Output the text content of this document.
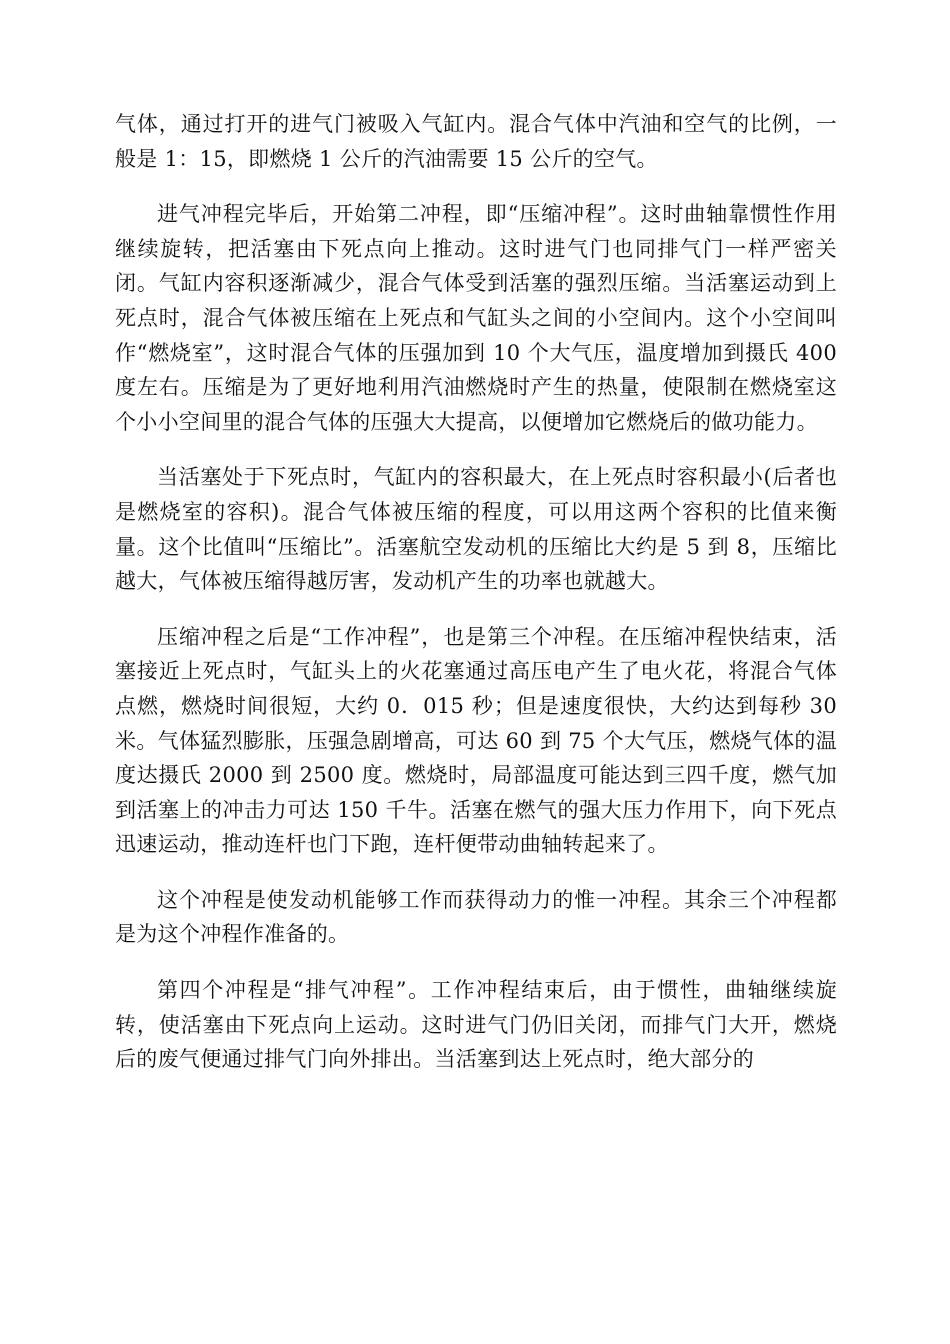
气体，通过打开的进气门被吸入气缸内。混合气体中汽油和空气的比例，一般是 1：15，即燃烧 1 公斤的汽油需要 15 公斤的空气。

进气冲程完毕后，开始第二冲程，即“压缩冲程”。这时曲轴靠惯性作用继续旋转，把活塞由下死点向上推动。这时进气门也同排气门一样严密关闭。气缸内容积逐渐减少，混合气体受到活塞的强烈压缩。当活塞运动到上死点时，混合气体被压缩在上死点和气缸头之间的小空间内。这个小空间叫作“燃烧室”，这时混合气体的压强加到 10 个大气压，温度增加到摄氏 400 度左右。压缩是为了更好地利用汽油燃烧时产生的热量，使限制在燃烧室这个小小空间里的混合气体的压强大大提高，以便增加它燃烧后的做功能力。

当活塞处于下死点时，气缸内的容积最大，在上死点时容积最小(后者也是燃烧室的容积)。混合气体被压缩的程度，可以用这两个容积的比值来衡量。这个比值叫“压缩比”。活塞航空发动机的压缩比大约是 5 到 8，压缩比越大，气体被压缩得越厉害，发动机产生的功率也就越大。

压缩冲程之后是“工作冲程”，也是第三个冲程。在压缩冲程快结束，活塞接近上死点时，气缸头上的火花塞通过高压电产生了电火花，将混合气体点燃，燃烧时间很短，大约 0．015 秒；但是速度很快，大约达到每秒 30 米。气体猛烈膨胀，压强急剧增高，可达 60 到 75 个大气压，燃烧气体的温度达摄氏 2000 到 2500 度。燃烧时，局部温度可能达到三四千度，燃气加到活塞上的冲击力可达 150 千牛。活塞在燃气的强大压力作用下，向下死点迅速运动，推动连杆也门下跑，连杆便带动曲轴转起来了。

这个冲程是使发动机能够工作而获得动力的惟一冲程。其余三个冲程都是为这个冲程作准备的。

第四个冲程是“排气冲程”。工作冲程结束后，由于惯性，曲轴继续旋转，使活塞由下死点向上运动。这时进气门仍旧关闭，而排气门大开，燃烧后的废气便通过排气门向外排出。当活塞到达上死点时，绝大部分的
